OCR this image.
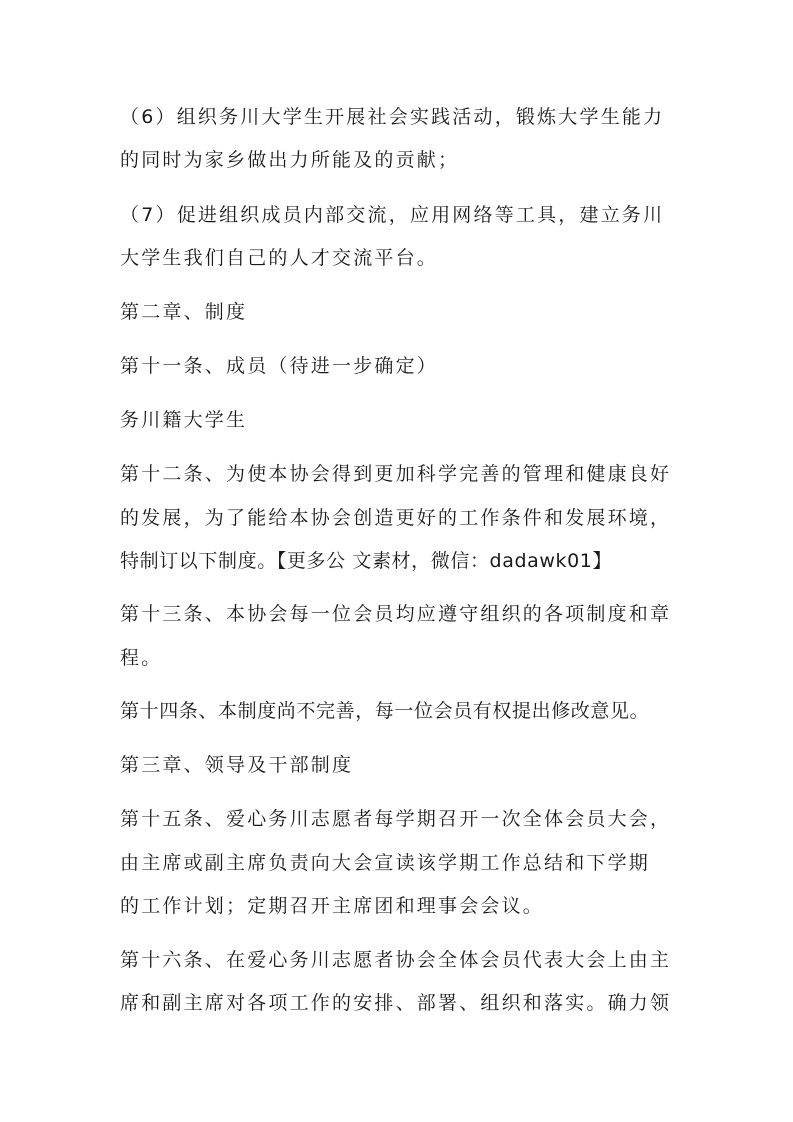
（6）组织务川大学生开展社会实践活动，锻炼大学生能力
的同时为家乡做出力所能及的贡献；
（7）促进组织成员内部交流，应用网络等工具，建立务川
大学生我们自己的人才交流平台。
第二章、制度
第十一条、成员（待进一步确定）
务川籍大学生
第十二条、为使本协会得到更加科学完善的管理和健康良好
的发展，为了能给本协会创造更好的工作条件和发展环境，
特制订以下制度。【更多公 文素材，微信：dadawk01】
第十三条、本协会每一位会员均应遵守组织的各项制度和章
程。
第十四条、本制度尚不完善，每一位会员有权提出修改意见。
第三章、领导及干部制度
第十五条、爱心务川志愿者每学期召开一次全体会员大会，
由主席或副主席负责向大会宣读该学期工作总结和下学期
的工作计划；定期召开主席团和理事会会议。
第十六条、在爱心务川志愿者协会全体会员代表大会上由主
席和副主席对各项工作的安排、部署、组织和落实。确力领
